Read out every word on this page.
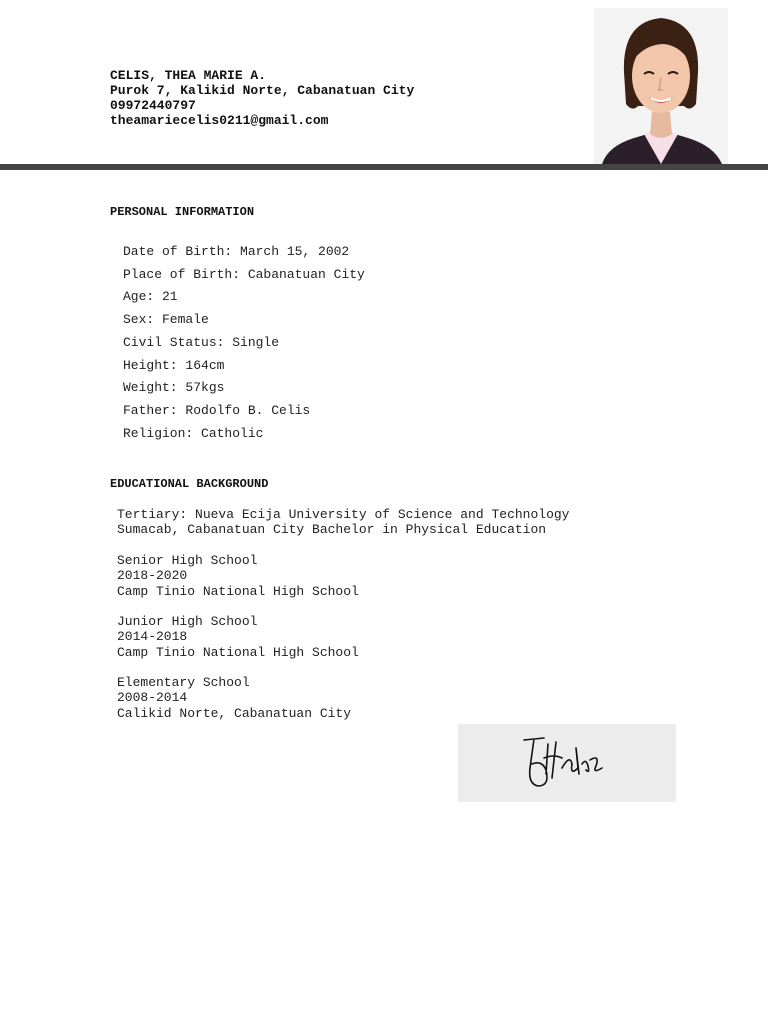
CELIS, THEA MARIE A.
Purok 7, Kalikid Norte, Cabanatuan City
09972440797
theamariecelis0211@gmail.com
PERSONAL INFORMATION
Date of Birth: March 15, 2002
Place of Birth: Cabanatuan City
Age: 21
Sex: Female
Civil Status: Single
Height: 164cm
Weight: 57kgs
Father: Rodolfo B. Celis
Religion: Catholic
EDUCATIONAL BACKGROUND
Tertiary: Nueva Ecija University of Science and Technology
Sumacab, Cabanatuan City Bachelor in Physical Education
Senior High School
2018-2020
Camp Tinio National High School
Junior High School
2014-2018
Camp Tinio National High School
Elementary School
2008-2014
Calikid Norte, Cabanatuan City
